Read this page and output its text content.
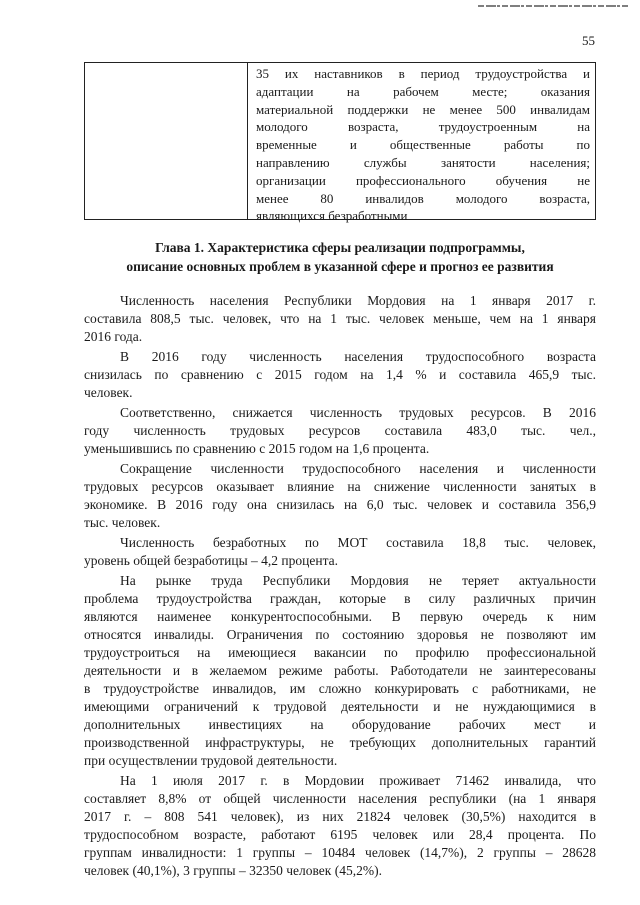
55
35 их наставников в период трудоустройства и
адаптации на рабочем месте; оказания
материальной поддержки не менее 500 инвалидам
молодого возраста, трудоустроенным на
временные и общественные работы по
направлению службы занятости населения;
организации профессионального обучения не
менее 80 инвалидов молодого возраста,
являющихся безработными
Глава 1. Характеристика сферы реализации подпрограммы,
описание основных проблем в указанной сфере и прогноз ее развития
Численность населения Республики Мордовия на 1 января 2017 г.
составила 808,5 тыс. человек, что на 1 тыс. человек меньше, чем на 1 января
2016 года.
В 2016 году численность населения трудоспособного возраста
снизилась по сравнению с 2015 годом на 1,4 % и составила 465,9 тыс.
человек.
Соответственно, снижается численность трудовых ресурсов. В 2016
году численность трудовых ресурсов составила 483,0 тыс. чел.,
уменьшившись по сравнению с 2015 годом на 1,6 процента.
Сокращение численности трудоспособного населения и численности
трудовых ресурсов оказывает влияние на снижение численности занятых в
экономике. В 2016 году она снизилась на 6,0 тыс. человек и составила 356,9
тыс. человек.
Численность безработных по МОТ составила 18,8 тыс. человек,
уровень общей безработицы – 4,2 процента.
На рынке труда Республики Мордовия не теряет актуальности
проблема трудоустройства граждан, которые в силу различных причин
являются наименее конкурентоспособными. В первую очередь к ним
относятся инвалиды. Ограничения по состоянию здоровья не позволяют им
трудоустроиться на имеющиеся вакансии по профилю профессиональной
деятельности и в желаемом режиме работы. Работодатели не заинтересованы
в трудоустройстве инвалидов, им сложно конкурировать с работниками, не
имеющими ограничений к трудовой деятельности и не нуждающимися в
дополнительных инвестициях на оборудование рабочих мест и
производственной инфраструктуры, не требующих дополнительных гарантий
при осуществлении трудовой деятельности.
На 1 июля 2017 г. в Мордовии проживает 71462 инвалида, что
составляет 8,8% от общей численности населения республики (на 1 января
2017 г. – 808 541 человек), из них 21824 человек (30,5%) находится в
трудоспособном возрасте, работают 6195 человек или 28,4 процента. По
группам инвалидности: 1 группы – 10484 человек (14,7%), 2 группы – 28628
человек (40,1%), 3 группы – 32350 человек (45,2%).
